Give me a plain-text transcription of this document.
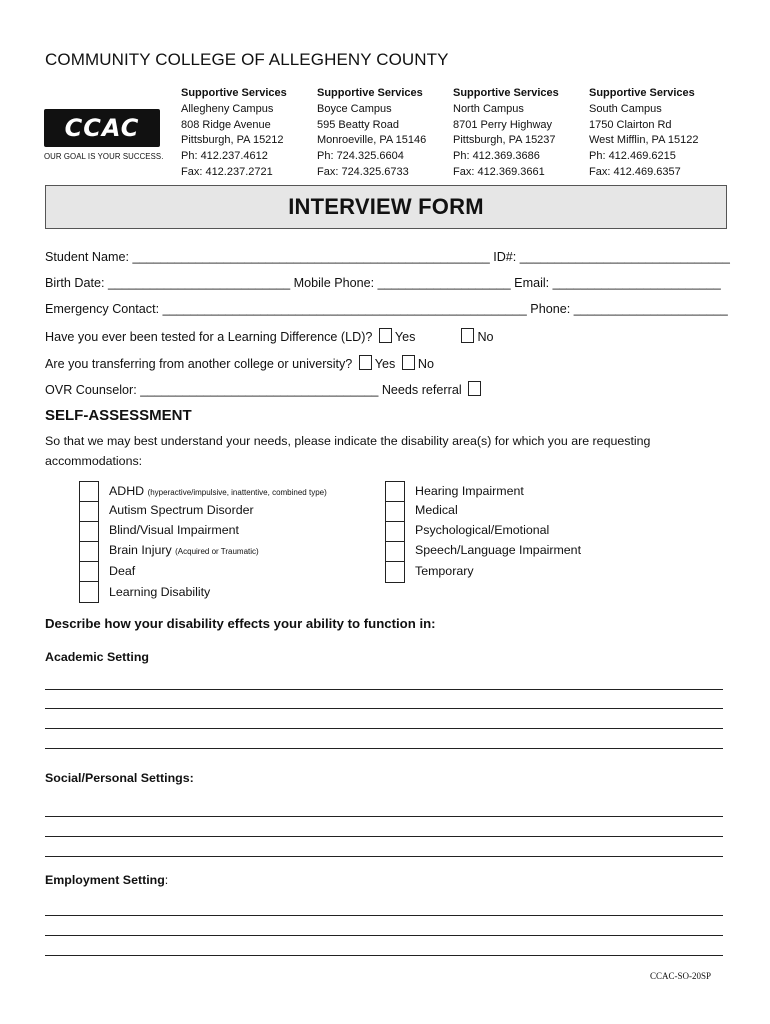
COMMUNITY COLLEGE OF ALLEGHENY COUNTY
CCAC
OUR GOAL IS YOUR SUCCESS.
Supportive Services
Allegheny Campus
808 Ridge Avenue
Pittsburgh, PA 15212
Ph: 412.237.4612
Fax: 412.237.2721
Supportive Services
Boyce Campus
595 Beatty Road
Monroeville, PA 15146
Ph: 724.325.6604
Fax: 724.325.6733
Supportive Services
North Campus
8701 Perry Highway
Pittsburgh, PA 15237
Ph: 412.369.3686
Fax: 412.369.3661
Supportive Services
South Campus
1750 Clairton Rd
West Mifflin, PA 15122
Ph: 412.469.6215
Fax: 412.469.6357
INTERVIEW FORM
Student Name: ___________________________________________________ ID#: ______________________________
Birth Date: __________________________ Mobile Phone: ___________________ Email: ________________________
Emergency Contact: ____________________________________________________ Phone: ______________________
Have you ever been tested for a Learning Difference (LD)? Yes	No
Are you transferring from another college or university? Yes No
OVR Counselor: __________________________________ Needs referral
SELF-ASSESSMENT
So that we may best understand your needs, please indicate the disability area(s) for which you are requesting accommodations:
ADHD (hyperactive/impulsive, inattentive, combined type)
Autism Spectrum Disorder
Blind/Visual Impairment
Brain Injury (Acquired or Traumatic)
Deaf
Learning Disability
Hearing Impairment
Medical
Psychological/Emotional
Speech/Language Impairment
Temporary
Describe how your disability effects your ability to function in:
Academic Setting
Social/Personal Settings:
Employment Setting:
CCAC-SO-20SP
